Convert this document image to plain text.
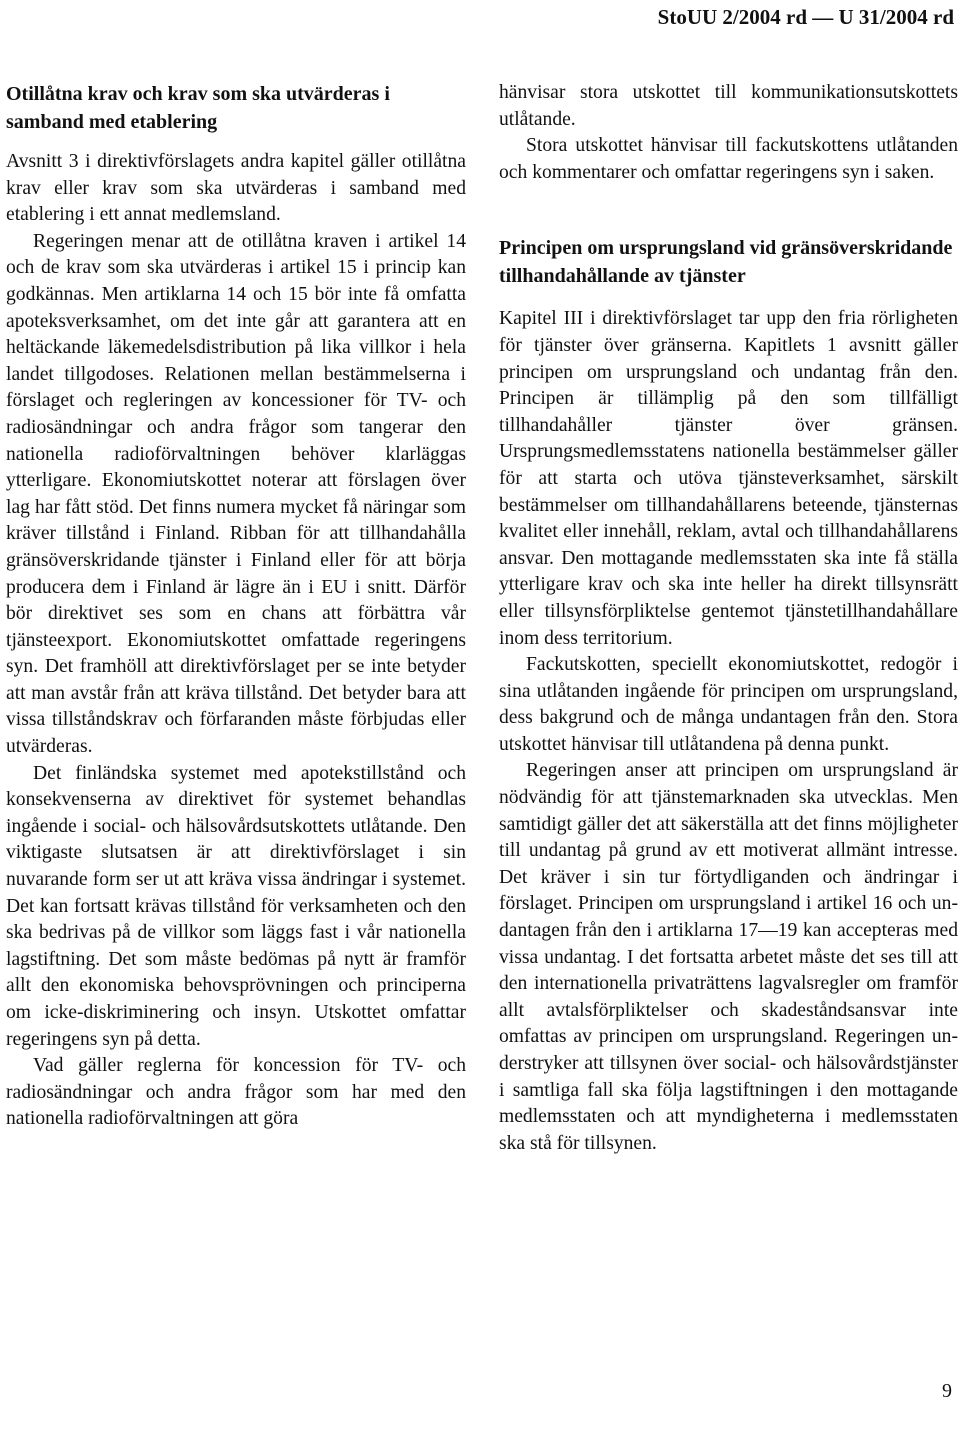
StoUU 2/2004 rd — U 31/2004 rd
Otillåtna krav och krav som ska utvärderas i samband med etablering

Avsnitt 3 i direktivförslagets andra kapitel gäller otillåtna krav eller krav som ska utvärderas i samband med etablering i ett annat medlemsland.

Regeringen menar att de otillåtna kraven i artikel 14 och de krav som ska utvärderas i artikel 15 i princip kan godkännas. Men artiklarna 14 och 15 bör inte få omfatta apoteksverksamhet, om det inte går att garantera att en heltäckande läkemedelsdistribution på lika villkor i hela landet tillgodoses. Relationen mellan bestämmelserna i förslaget och regleringen av koncessioner för TV- och radiosändningar och andra frågor som tangerar den nationella radioförvaltningen behöver klarläggas ytterligare. Ekonomiutskottet noterar att förslagen över lag har fått stöd. Det finns numera mycket få näringar som kräver tillstånd i Finland. Ribban för att tillhandahålla gränsöverskridande tjänster i Finland eller för att börja producera dem i Finland är lägre än i EU i snitt. Därför bör direktivet ses som en chans att förbättra vår tjänsteexport. Ekonomiutskottet omfattade regeringens syn. Det framhöll att direktivförslaget per se inte betyder att man avstår från att kräva tillstånd. Det betyder bara att vissa tillståndskrav och förfaranden måste förbjudas eller utvärderas.

Det finländska systemet med apotekstillstånd och konsekvenserna av direktivet för systemet behandlas ingående i social- och hälsovårdsutskottets utlåtande. Den viktigaste slutsatsen är att direktivförslaget i sin nuvarande form ser ut att kräva vissa ändringar i systemet. Det kan fortsatt krävas tillstånd för verksamheten och den ska bedrivas på de villkor som läggs fast i vår nationella lagstiftning. Det som måste bedömas på nytt är framför allt den ekonomiska behovsprövningen och principerna om icke-diskriminering och insyn. Utskottet omfattar regeringens syn på detta.

Vad gäller reglerna för koncession för TV- och radiosändningar och andra frågor som har med den nationella radioförvaltningen att göra

hänvisar stora utskottet till kommunikationsutskottets utlåtande.

Stora utskottet hänvisar till fackutskottens utlåtanden och kommentarer och omfattar regeringens syn i saken.

Principen om ursprungsland vid gränsöverskridande tillhandahållande av tjänster

Kapitel III i direktivförslaget tar upp den fria rörligheten för tjänster över gränserna. Kapitlets 1 avsnitt gäller principen om ursprungsland och undantag från den. Principen är tillämplig på den som tillfälligt tillhandahåller tjänster över gränsen. Ursprungsmedlemsstatens nationella bestämmelser gäller för att starta och utöva tjänsteverksamhet, särskilt bestämmelser om tillhandahållarens beteende, tjänsternas kvalitet eller innehåll, reklam, avtal och tillhandahållarens ansvar. Den mottagande medlemsstaten ska inte få ställa ytterligare krav och ska inte heller ha direkt tillsynsrätt eller tillsynsförpliktelse gentemot tjänstetillhandahållare inom dess territorium.

Fackutskotten, speciellt ekonomiutskottet, redogör i sina utlåtanden ingående för principen om ursprungsland, dess bakgrund och de många undantagen från den. Stora utskottet hänvisar till utlåtandena på denna punkt.

Regeringen anser att principen om ursprungsland är nödvändig för att tjänstemarknaden ska utvecklas. Men samtidigt gäller det att säkerställa att det finns möjligheter till undantag på grund av ett motiverat allmänt intresse. Det kräver i sin tur förtydliganden och ändringar i förslaget. Principen om ursprungsland i artikel 16 och undantagen från den i artiklarna 17—19 kan accepteras med vissa undantag. I det fortsatta arbetet måste det ses till att den internationella privaträttens lagvalsregler om framför allt avtalsförpliktelser och skadeståndsansvar inte omfattas av principen om ursprungsland. Regeringen understryker att tillsynen över social- och hälsovårdstjänster i samtliga fall ska följa lagstiftningen i den mottagande medlemsstaten och att myndigheterna i medlemsstaten ska stå för tillsynen.

9
